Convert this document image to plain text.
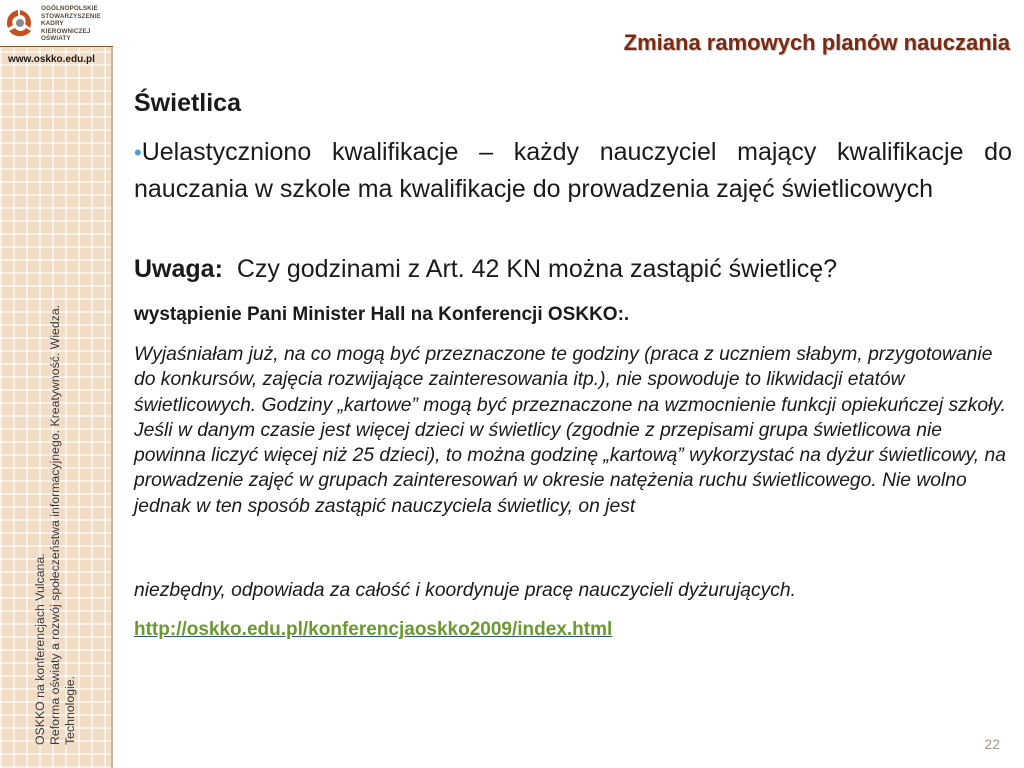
OGÓLNOPOLSKIE
STOWARZYSZENIE
KADRY
KIEROWNICZEJ
OŚWIATY
www.oskko.edu.pl
OSKKO na konferencjach Vulcana. Reforma oświaty a rozwój społeczeństwa informacyjnego. Kreatywność. Wiedza. Technologie.
Zmiana ramowych planów nauczania
Świetlica
•Uelastyczniono kwalifikacje – każdy nauczyciel mający kwalifikacje do nauczania w szkole ma kwalifikacje do prowadzenia zajęć świetlicowych
Uwaga: Czy godzinami z Art. 42 KN można zastąpić świetlicę?
wystąpienie Pani Minister Hall na Konferencji OSKKO:.
Wyjaśniałam już, na co mogą być przeznaczone te godziny (praca z uczniem słabym, przygotowanie do konkursów, zajęcia rozwijające zainteresowania itp.), nie spowoduje to likwidacji etatów świetlicowych. Godziny „kartowe” mogą być przeznaczone na wzmocnienie funkcji opiekuńczej szkoły. Jeśli w danym czasie jest więcej dzieci w świetlicy (zgodnie z przepisami grupa świetlicowa nie powinna liczyć więcej niż 25 dzieci), to można godzinę „kartową” wykorzystać na dyżur świetlicowy, na prowadzenie zajęć w grupach zainteresowań w okresie natężenia ruchu świetlicowego. Nie wolno jednak w ten sposób zastąpić nauczyciela świetlicy, on jest
niezbędny, odpowiada za całość i koordynuje pracę nauczycieli dyżurujących.
http://oskko.edu.pl/konferencjaoskko2009/index.html
22
